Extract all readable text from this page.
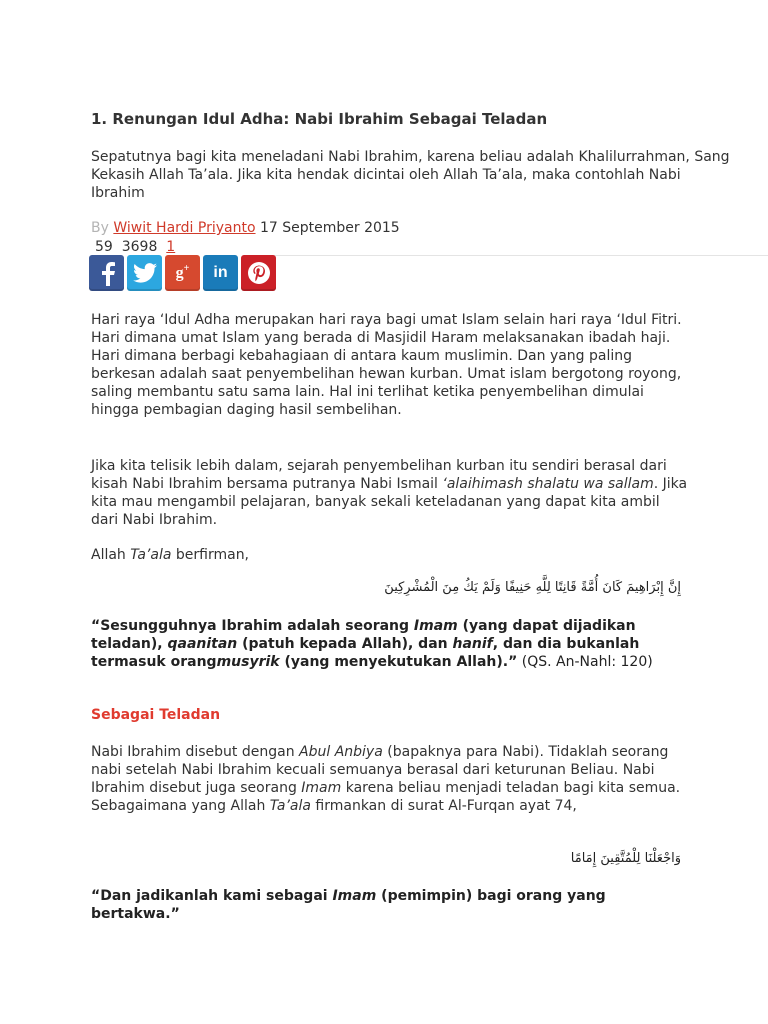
1. Renungan Idul Adha: Nabi Ibrahim Sebagai Teladan

Sepatutnya bagi kita meneladani Nabi Ibrahim, karena beliau adalah Khalilurrahman, Sang Kekasih Allah Ta’ala. Jika kita hendak dicintai oleh Allah Ta’ala, maka contohlah Nabi Ibrahim

By Wiwit Hardi Priyanto 17 September 2015
59 3698 1
g+ in

Hari raya ‘Idul Adha merupakan hari raya bagi umat Islam selain hari raya ‘Idul Fitri. Hari dimana umat Islam yang berada di Masjidil Haram melaksanakan ibadah haji. Hari dimana berbagi kebahagiaan di antara kaum muslimin. Dan yang paling berkesan adalah saat penyembelihan hewan kurban. Umat islam bergotong royong, saling membantu satu sama lain. Hal ini terlihat ketika penyembelihan dimulai hingga pembagian daging hasil sembelihan.

Jika kita telisik lebih dalam, sejarah penyembelihan kurban itu sendiri berasal dari kisah Nabi Ibrahim bersama putranya Nabi Ismail ‘alaihimash shalatu wa sallam. Jika kita mau mengambil pelajaran, banyak sekali keteladanan yang dapat kita ambil dari Nabi Ibrahim.

Allah Ta’ala berfirman,

إِنَّ إِبْرَاهِيمَ كَانَ أُمَّةً قَانِتًا لِلَّهِ حَنِيفًا وَلَمْ يَكُ مِنَ الْمُشْرِكِينَ

“Sesungguhnya Ibrahim adalah seorang Imam (yang dapat dijadikan teladan), qaanitan (patuh kepada Allah), dan hanif, dan dia bukanlah termasuk orangmusyrik (yang menyekutukan Allah).” (QS. An-Nahl: 120)

Sebagai Teladan

Nabi Ibrahim disebut dengan Abul Anbiya (bapaknya para Nabi). Tidaklah seorang nabi setelah Nabi Ibrahim kecuali semuanya berasal dari keturunan Beliau. Nabi Ibrahim disebut juga seorang Imam karena beliau menjadi teladan bagi kita semua. Sebagaimana yang Allah Ta’ala firmankan di surat Al-Furqan ayat 74,

وَاجْعَلْنَا لِلْمُتَّقِينَ إِمَامًا

“Dan jadikanlah kami sebagai Imam (pemimpin) bagi orang yang bertakwa.”
